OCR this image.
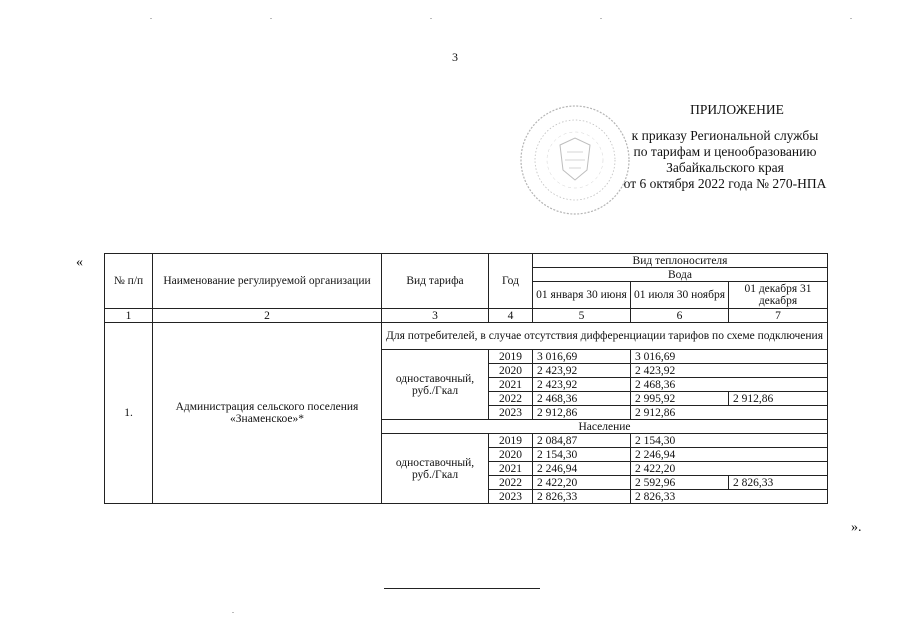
3
ПРИЛОЖЕНИЕ
к приказу Региональной службы
по тарифам и ценообразованию
Забайкальского края
от 6 октября 2022 года № 270-НПА
«
№ п/п	Наименование регулируемой организации	Вид тарифа	Год	Вид теплоносителя		
				Вода		
				01 января 30 июня	01 июля 30 ноября	01 декабря 31 декабря
1	2	3	4	5	6	7
1.	Администрация сельского поселения «Знаменское»*	Для потребителей, в случае отсутствия дифференциации тарифов по схеме подключения				
		одноставочный, руб./Гкал	2019	3 016,69	3 016,69	
			2020	2 423,92	2 423,92	
			2021	2 423,92	2 468,36	
			2022	2 468,36	2 995,92	2 912,86
			2023	2 912,86	2 912,86	
		Население				
		одноставочный, руб./Гкал	2019	2 084,87	2 154,30	
			2020	2 154,30	2 246,94	
			2021	2 246,94	2 422,20	
			2022	2 422,20	2 592,96	2 826,33
			2023	2 826,33	2 826,33	
».
